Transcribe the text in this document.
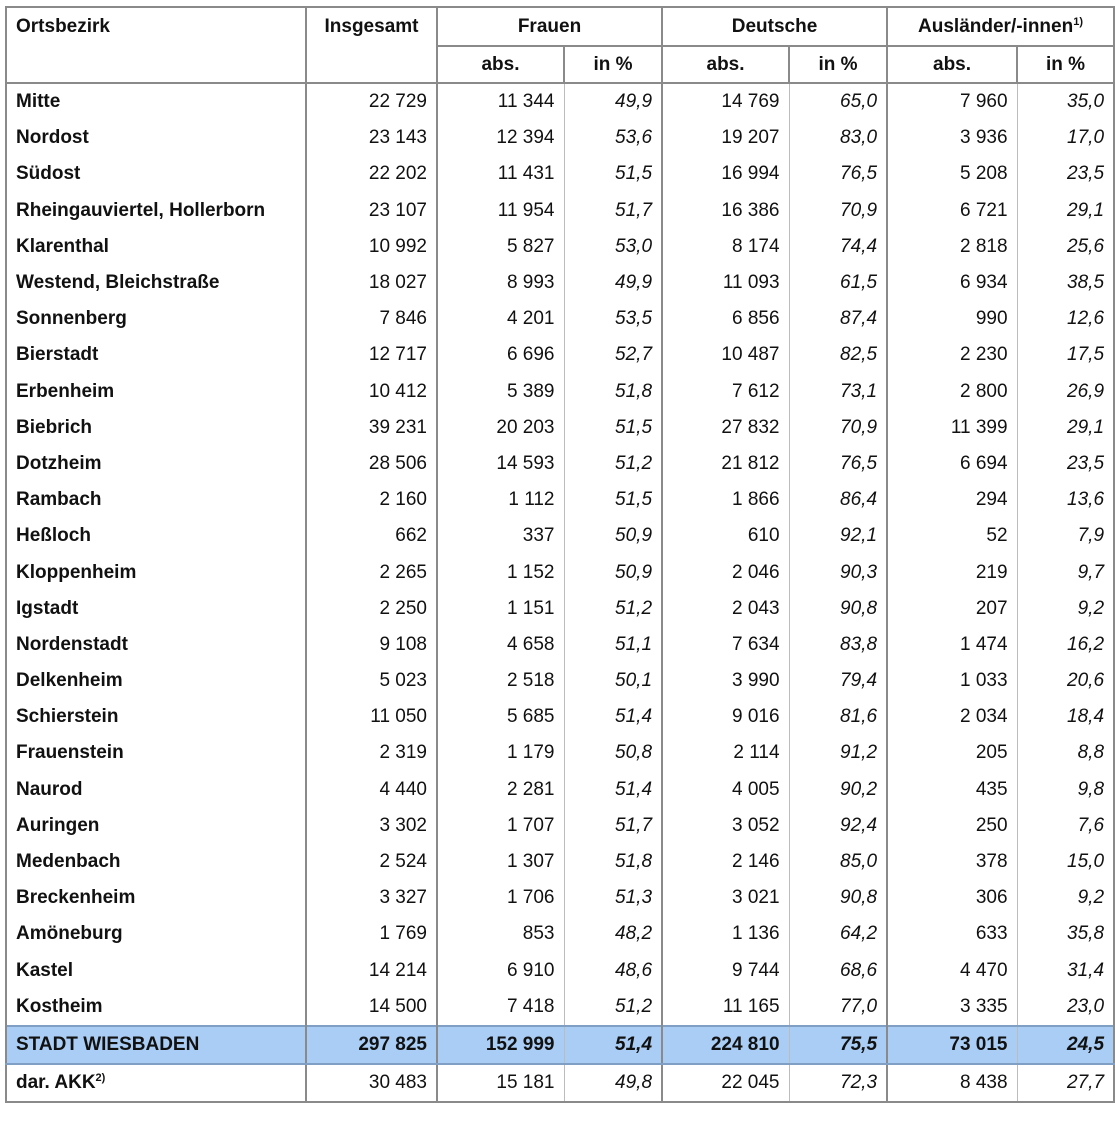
Ortsbezirk	Insgesamt	Frauen		Deutsche		Ausländer/-innen$^{1)}$
		abs.	in %	abs.	in %	abs.	in %
Mitte	22 729	11 344	49,9	14 769	65,0	7 960	35,0
Nordost	23 143	12 394	53,6	19 207	83,0	3 936	17,0
Südost	22 202	11 431	51,5	16 994	76,5	5 208	23,5
Rheingauviertel, Hollerborn	23 107	11 954	51,7	16 386	70,9	6 721	29,1
Klarenthal	10 992	5 827	53,0	8 174	74,4	2 818	25,6
Westend, Bleichstraße	18 027	8 993	49,9	11 093	61,5	6 934	38,5
Sonnenberg	7 846	4 201	53,5	6 856	87,4	990	12,6
Bierstadt	12 717	6 696	52,7	10 487	82,5	2 230	17,5
Erbenheim	10 412	5 389	51,8	7 612	73,1	2 800	26,9
Biebrich	39 231	20 203	51,5	27 832	70,9	11 399	29,1
Dotzheim	28 506	14 593	51,2	21 812	76,5	6 694	23,5
Rambach	2 160	1 112	51,5	1 866	86,4	294	13,6
Heßloch	662	337	50,9	610	92,1	52	7,9
Kloppenheim	2 265	1 152	50,9	2 046	90,3	219	9,7
Igstadt	2 250	1 151	51,2	2 043	90,8	207	9,2
Nordenstadt	9 108	4 658	51,1	7 634	83,8	1 474	16,2
Delkenheim	5 023	2 518	50,1	3 990	79,4	1 033	20,6
Schierstein	11 050	5 685	51,4	9 016	81,6	2 034	18,4
Frauenstein	2 319	1 179	50,8	2 114	91,2	205	8,8
Naurod	4 440	2 281	51,4	4 005	90,2	435	9,8
Auringen	3 302	1 707	51,7	3 052	92,4	250	7,6
Medenbach	2 524	1 307	51,8	2 146	85,0	378	15,0
Breckenheim	3 327	1 706	51,3	3 021	90,8	306	9,2
Amöneburg	1 769	853	48,2	1 136	64,2	633	35,8
Kastel	14 214	6 910	48,6	9 744	68,6	4 470	31,4
Kostheim	14 500	7 418	51,2	11 165	77,0	3 335	23,0
STADT WIESBADEN	297 825	152 999	51,4	224 810	75,5	73 015	24,5
dar. AKK$^{2)}$	30 483	15 181	49,8	22 045	72,3	8 438	27,7
